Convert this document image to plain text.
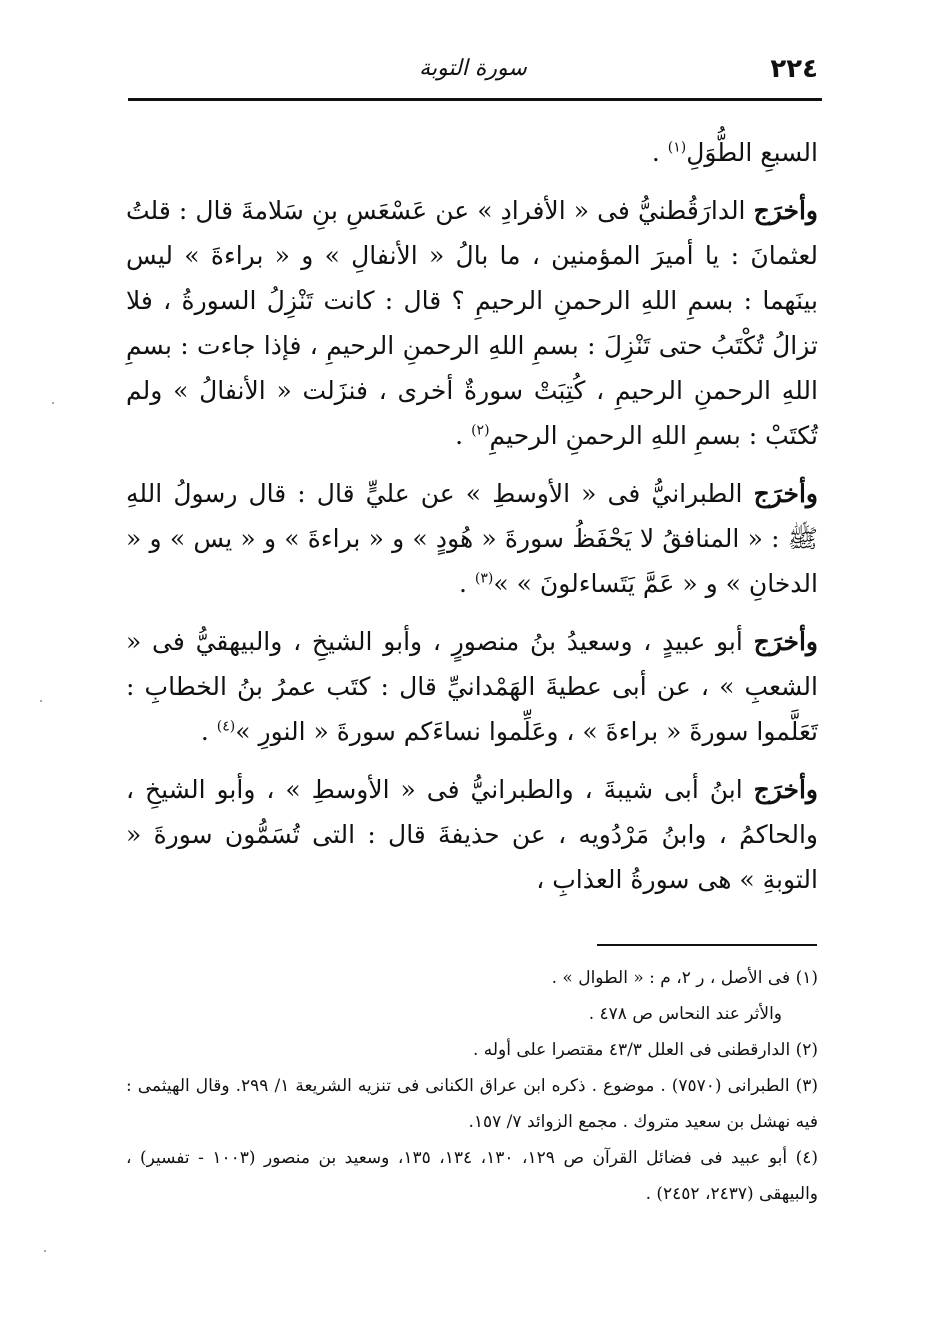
٢٢٤
سورة التوبة

السبعِ الطُّوَلِ$^{(١)}$ .

وأخرَج الدارَقُطنيُّ فى « الأفرادِ » عن عَسْعَسِ بنِ سَلامةَ قال : قلتُ لعثمانَ : يا أميرَ المؤمنين ، ما بالُ « الأنفالِ » و « براءةَ » ليس بينَهما : بسمِ اللهِ الرحمنِ الرحيمِ ؟ قال : كانت تَنْزِلُ السورةُ ، فلا تزالُ تُكْتَبُ حتى تَنْزِلَ : بسمِ اللهِ الرحمنِ الرحيمِ ، فإذا جاءت : بسمِ اللهِ الرحمنِ الرحيمِ ، كُتِبَتْ سورةٌ أخرى ، فنزَلت « الأنفالُ » ولم تُكتَبْ : بسمِ اللهِ الرحمنِ الرحيمِ$^{(٢)}$ .

وأخرَج الطبرانيُّ فى « الأوسطِ » عن عليٍّ قال : قال رسولُ اللهِ ﷺ : « المنافقُ لا يَحْفَظُ سورةَ « هُودٍ » و « براءةَ » و « يس » و « الدخانِ » و « عَمَّ يَتَساءلونَ » »$^{(٣)}$ .

وأخرَج أبو عبيدٍ ، وسعيدُ بنُ منصورٍ ، وأبو الشيخِ ، والبيهقيُّ فى « الشعبِ » ، عن أبى عطيةَ الهَمْدانيِّ قال : كتَب عمرُ بنُ الخطابِ : تَعَلَّموا سورةَ « براءةَ » ، وعَلِّموا نساءَكم سورةَ « النورِ »$^{(٤)}$ .

وأخرَج ابنُ أبى شيبةَ ، والطبرانيُّ فى « الأوسطِ » ، وأبو الشيخِ ، والحاكمُ ، وابنُ مَرْدُويه ، عن حذيفةَ قال : التى تُسَمُّون سورةَ « التوبةِ » هى سورةُ العذابِ ،

(١) فى الأصل ، ر ٢، م : « الطوال » .

والأثر عند النحاس ص ٤٧٨ .

(٢) الدارقطنى فى العلل ٤٣/٣ مقتصرا على أوله .

(٣) الطبرانى (٧٥٧٠) . موضوع . ذكره ابن عراق الكنانى فى تنزيه الشريعة ١/ ٢٩٩. وقال الهيثمى : فيه نهشل بن سعيد متروك . مجمع الزوائد ٧/ ١٥٧.

(٤) أبو عبيد فى فضائل القرآن ص ١٢٩، ١٣٠، ١٣٤، ١٣٥، وسعيد بن منصور (١٠٠٣ - تفسير) ، والبيهقى (٢٤٣٧، ٢٤٥٢) .
